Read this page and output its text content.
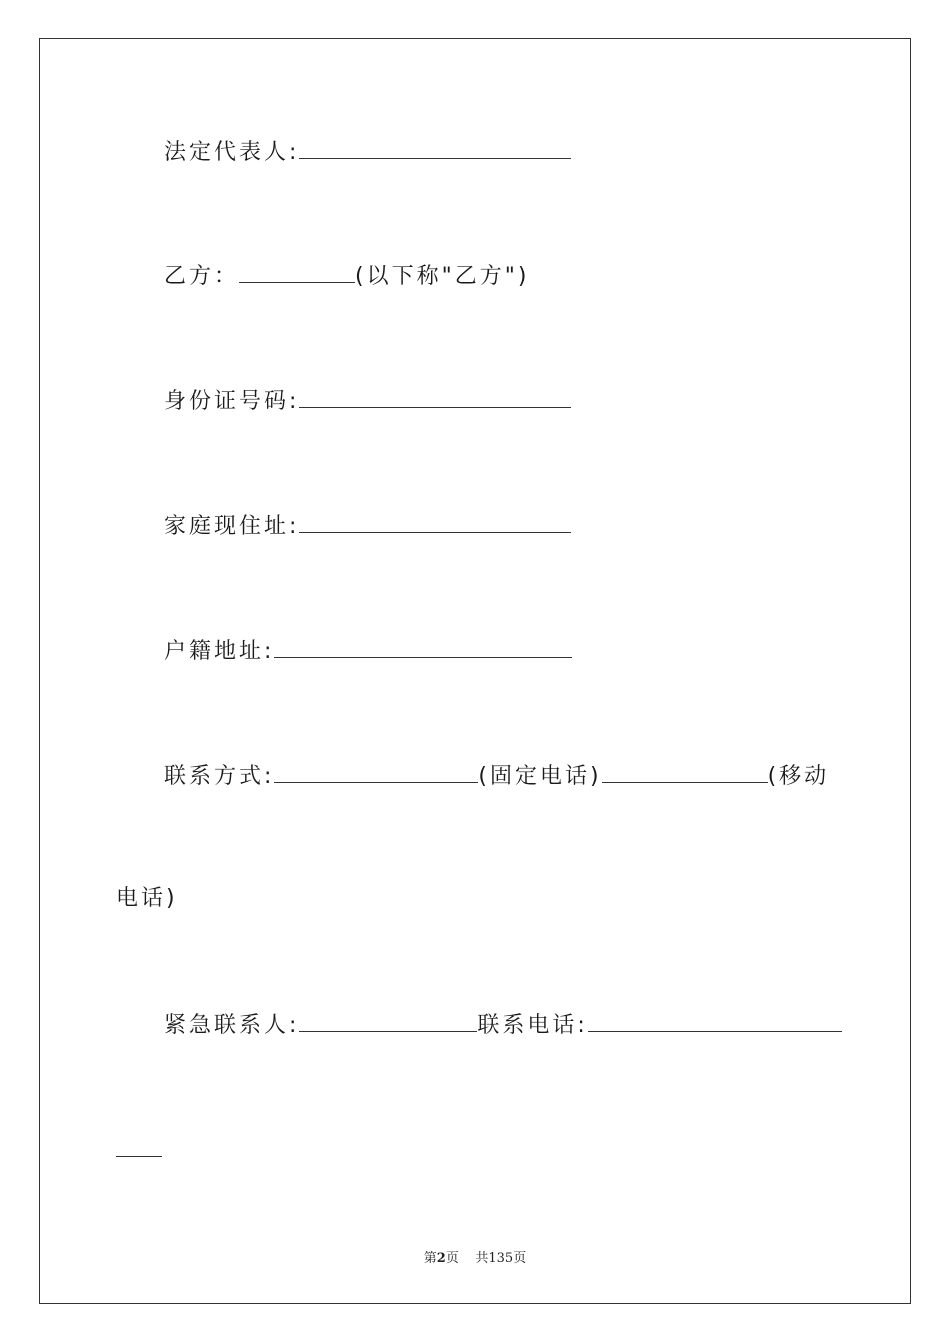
法定代表人:
乙方：	(以下称"乙方")
身份证号码:
家庭现住址:
户籍地址:
联系方式:	(固定电话)	(移动
电话)
紧急联系人:	联系电话:
第2页 共135页
